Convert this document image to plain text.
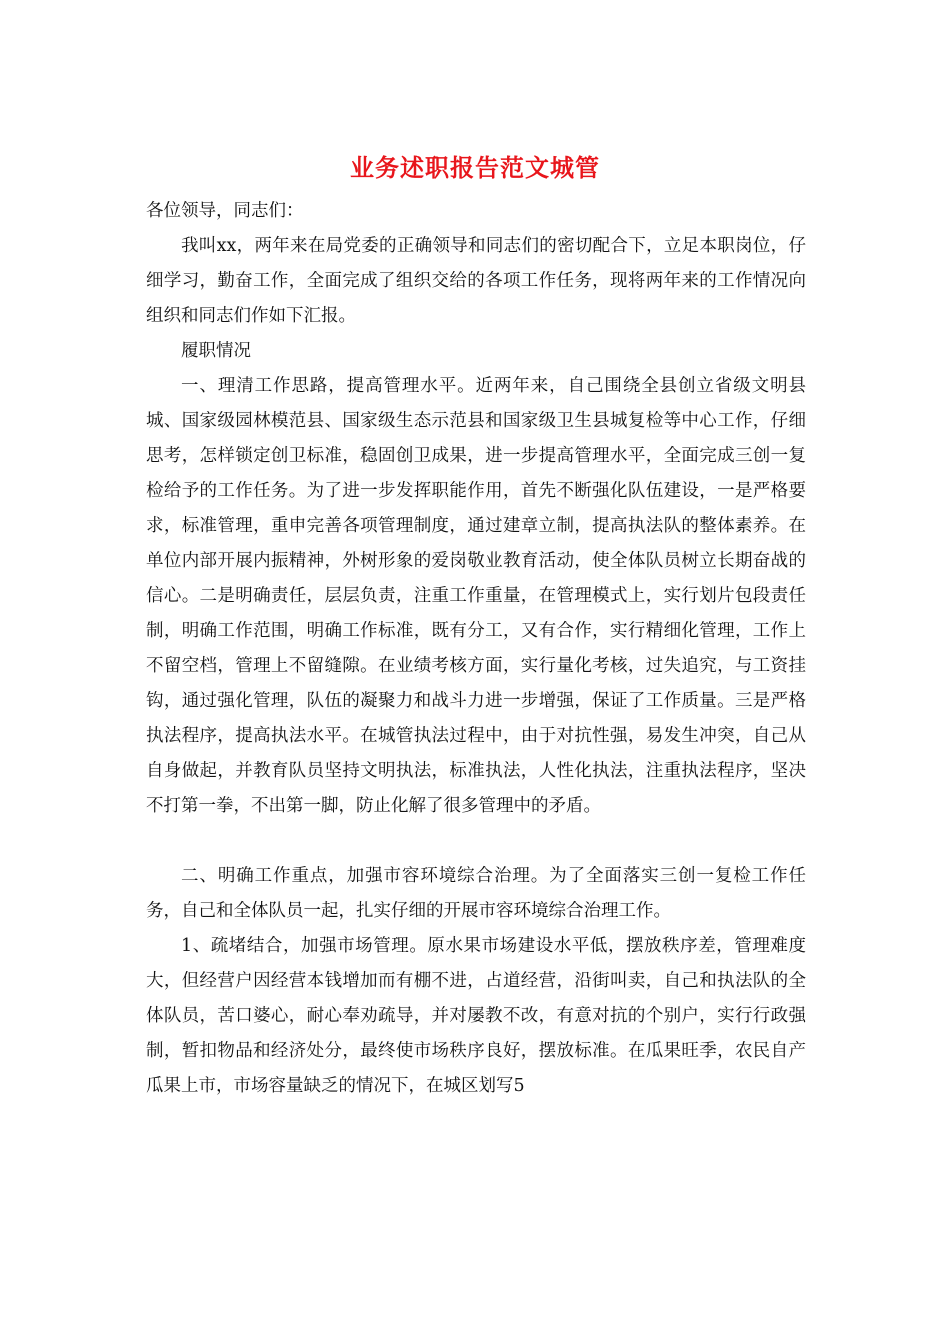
业务述职报告范文城管

各位领导，同志们：

我叫xx，两年来在局党委的正确领导和同志们的密切配合下，立足本职岗位，仔细学习，勤奋工作，全面完成了组织交给的各项工作任务，现将两年来的工作情况向组织和同志们作如下汇报。

履职情况

一、理清工作思路，提高管理水平。近两年来，自己围绕全县创立省级文明县城、国家级园林模范县、国家级生态示范县和国家级卫生县城复检等中心工作，仔细思考，怎样锁定创卫标准，稳固创卫成果，进一步提高管理水平，全面完成三创一复检给予的工作任务。为了进一步发挥职能作用，首先不断强化队伍建设，一是严格要求，标准管理，重申完善各项管理制度，通过建章立制，提高执法队的整体素养。在单位内部开展内振精神，外树形象的爱岗敬业教育活动，使全体队员树立长期奋战的信心。二是明确责任，层层负责，注重工作重量，在管理模式上，实行划片包段责任制，明确工作范围，明确工作标准，既有分工，又有合作，实行精细化管理，工作上不留空档，管理上不留缝隙。在业绩考核方面，实行量化考核，过失追究，与工资挂钩，通过强化管理，队伍的凝聚力和战斗力进一步增强，保证了工作质量。三是严格执法程序，提高执法水平。在城管执法过程中，由于对抗性强，易发生冲突，自己从自身做起，并教育队员坚持文明执法，标准执法，人性化执法，注重执法程序，坚决不打第一拳，不出第一脚，防止化解了很多管理中的矛盾。

二、明确工作重点，加强市容环境综合治理。为了全面落实三创一复检工作任务，自己和全体队员一起，扎实仔细的开展市容环境综合治理工作。

1、疏堵结合，加强市场管理。原水果市场建设水平低，摆放秩序差，管理难度大，但经营户因经营本钱增加而有棚不进，占道经营，沿街叫卖，自己和执法队的全体队员，苦口婆心，耐心奉劝疏导，并对屡教不改，有意对抗的个别户，实行行政强制，暂扣物品和经济处分，最终使市场秩序良好，摆放标准。在瓜果旺季，农民自产瓜果上市，市场容量缺乏的情况下，在城区划写5
